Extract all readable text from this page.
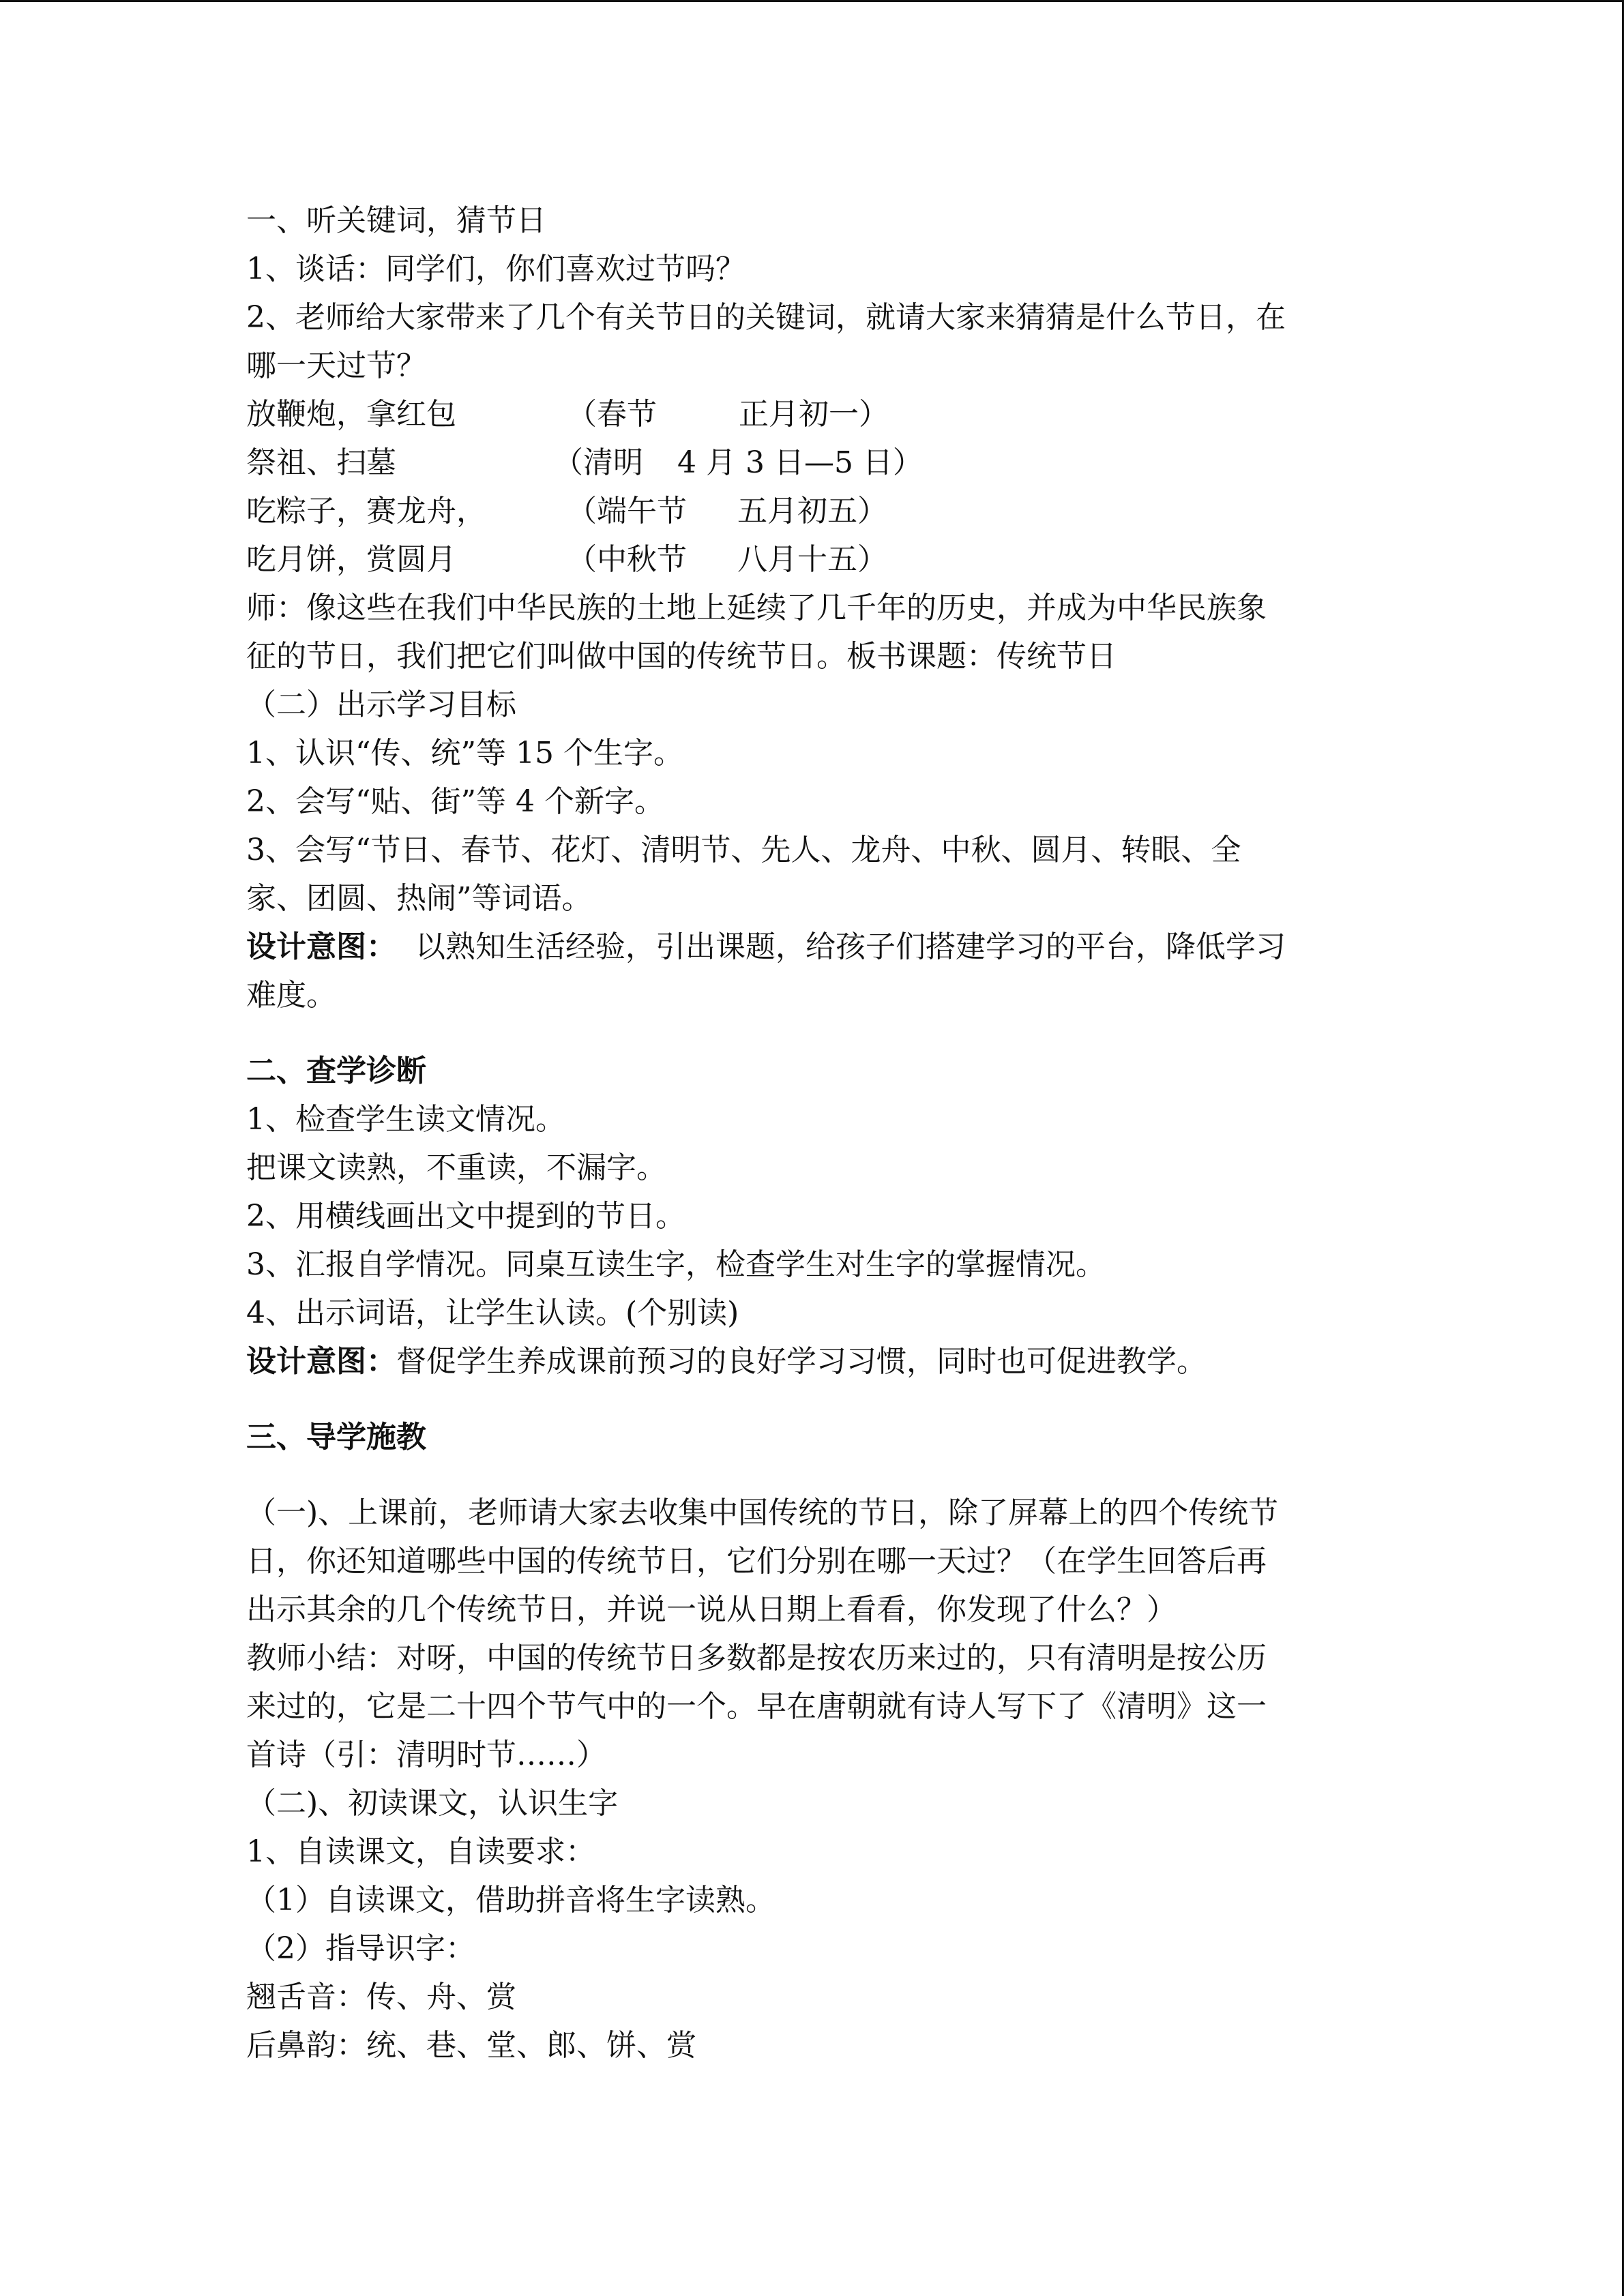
一、听关键词，猜节日

1、谈话：同学们，你们喜欢过节吗？

2、老师给大家带来了几个有关节日的关键词，就请大家来猜猜是什么节日，在

哪一天过节？

放鞭炮，拿红包	（春节	正月初一）

祭祖、扫墓	（清明 4 月 3 日—5 日）

吃粽子，赛龙舟，	（端午节 五月初五）

吃月饼，赏圆月	（中秋节 八月十五）

师：像这些在我们中华民族的土地上延续了几千年的历史，并成为中华民族象

征的节日，我们把它们叫做中国的传统节日。板书课题：传统节日

（二）出示学习目标

1、认识“传、统”等 15 个生字。

2、会写“贴、街”等 4 个新字。

3、会写“节日、春节、花灯、清明节、先人、龙舟、中秋、圆月、转眼、全

家、团圆、热闹”等词语。

设计意图：  以熟知生活经验，引出课题，给孩子们搭建学习的平台，降低学习

难度。

二、查学诊断

1、检查学生读文情况。

把课文读熟，不重读，不漏字。

2、用横线画出文中提到的节日。

3、汇报自学情况。同桌互读生字，检查学生对生字的掌握情况。

4、出示词语，让学生认读。(个别读)

设计意图：督促学生养成课前预习的良好学习习惯，同时也可促进教学。

三、导学施教

（一)、上课前，老师请大家去收集中国传统的节日，除了屏幕上的四个传统节

日，你还知道哪些中国的传统节日，它们分别在哪一天过？（在学生回答后再

出示其余的几个传统节日，并说一说从日期上看看，你发现了什么？）

教师小结：对呀，中国的传统节日多数都是按农历来过的，只有清明是按公历

来过的，它是二十四个节气中的一个。早在唐朝就有诗人写下了《清明》这一

首诗（引：清明时节……）

（二)、初读课文，认识生字

1、自读课文，自读要求：

（1）自读课文，借助拼音将生字读熟。

（2）指导识字：

翘舌音：传、舟、赏

后鼻韵：统、巷、堂、郎、饼、赏
